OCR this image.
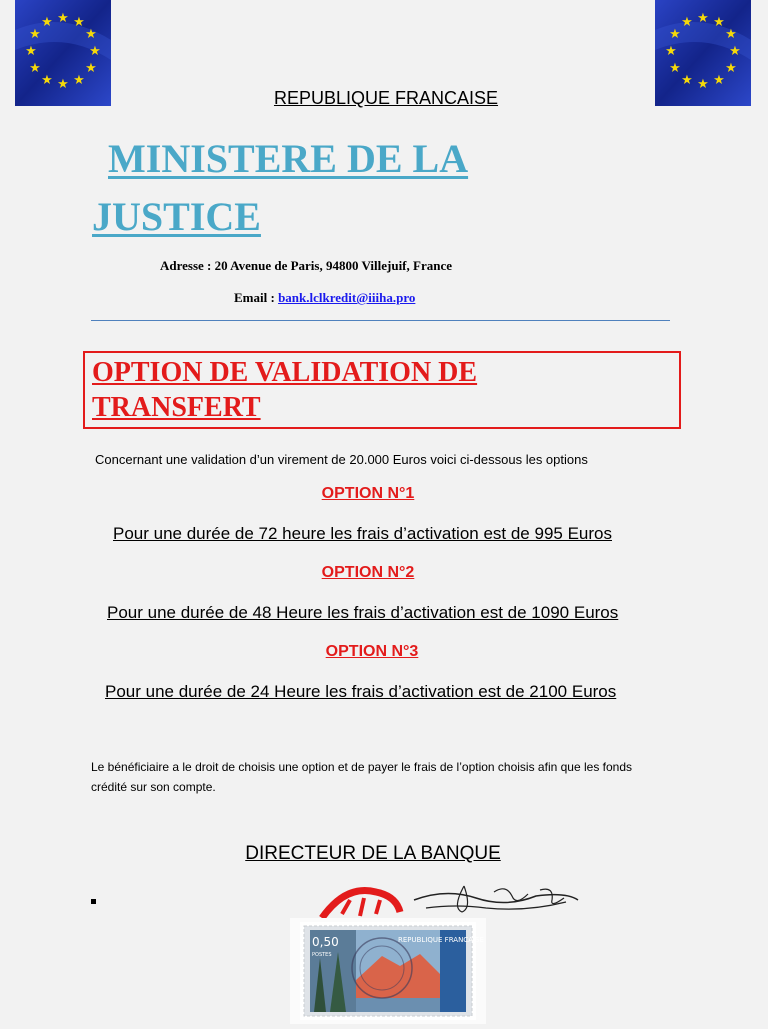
★ ★
★
★
★
★
★
★
★
★
★
★	★ ★
★
★
★
★
★
★
★
★
★
★
REPUBLIQUE FRANCAISE
MINISTERE DE LA
JUSTICE
Adresse : 20 Avenue de Paris, 94800 Villejuif, France
Email : bank.lclkredit@iiiha.pro
OPTION DE VALIDATION DE
TRANSFERT
Concernant une validation d’un virement de 20.000 Euros voici ci-dessous les options
OPTION N°1
Pour une durée de 72 heure les frais d’activation est de 995 Euros
OPTION N°2
Pour une durée de 48 Heure les frais d’activation est de 1090 Euros
OPTION N°3
Pour une durée de 24 Heure les frais d’activation est de 2100 Euros
Le bénéficiaire a le droit de choisis une option et de payer le frais de l’option choisis afin que les fonds crédité sur son compte.
DIRECTEUR DE LA BANQUE
0,50
POSTES
REPUBLIQUE FRANCAISE
